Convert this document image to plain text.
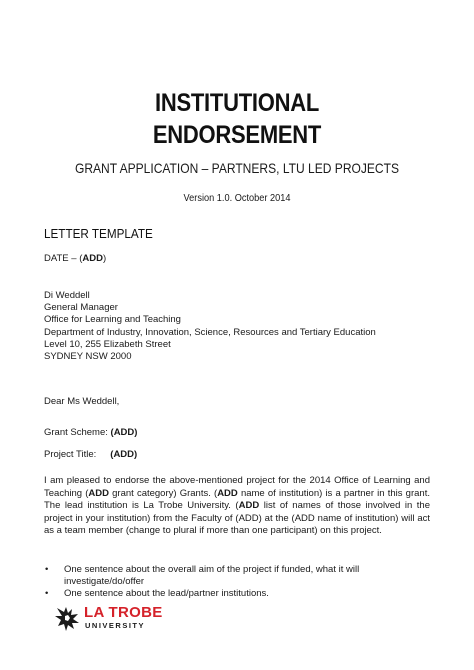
INSTITUTIONAL
ENDORSEMENT
GRANT APPLICATION – PARTNERS, LTU LED PROJECTS
Version 1.0. October 2014
LETTER TEMPLATE
DATE – (ADD)
Di Weddell
General Manager
Office for Learning and Teaching
Department of Industry, Innovation, Science, Resources and Tertiary Education
Level 10, 255 Elizabeth Street
SYDNEY NSW 2000
Dear Ms Weddell,
Grant Scheme: (ADD)
Project Title: (ADD)
I am pleased to endorse the above-mentioned project for the 2014 Office of Learning and Teaching (ADD grant category) Grants. (ADD name of institution) is a partner in this grant. The lead institution is La Trobe University. (ADD list of names of those involved in the project in your institution) from the Faculty of (ADD) at the (ADD name of institution) will act as a team member (change to plural if more than one participant) on this project.
• One sentence about the overall aim of the project if funded, what it will investigate/do/offer
• One sentence about the lead/partner institutions.
LA TROBE
UNIVERSITY
